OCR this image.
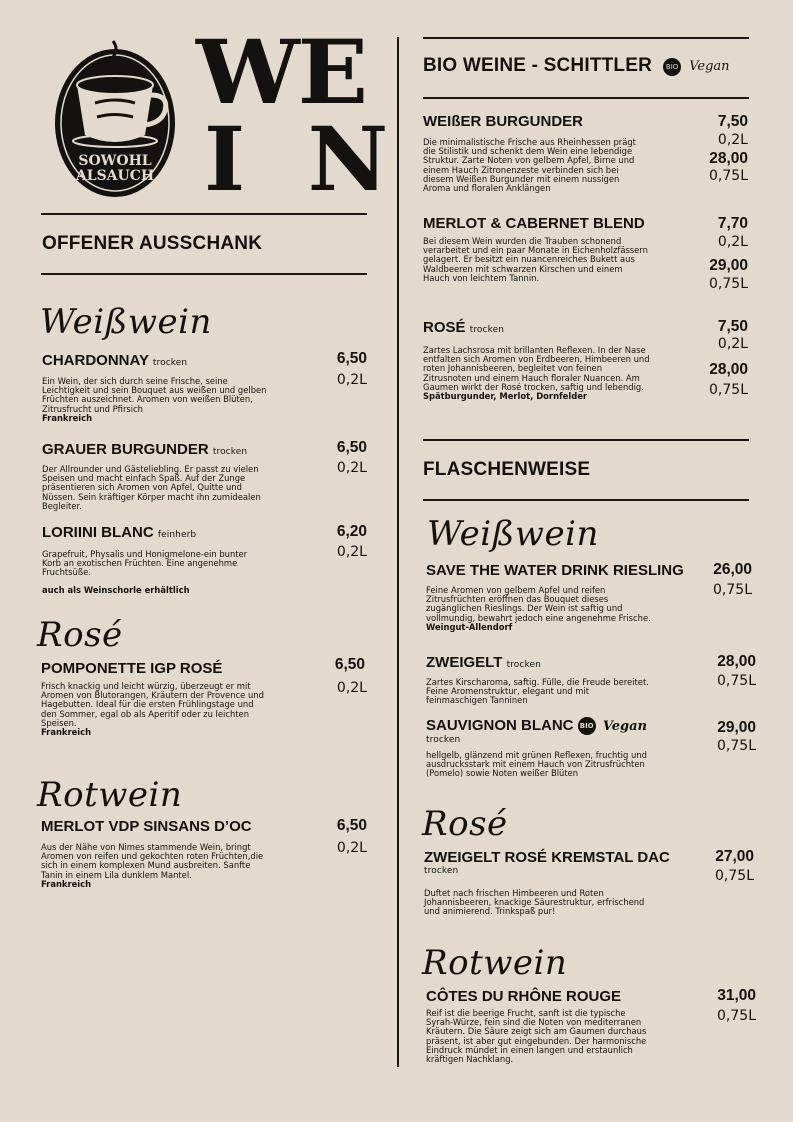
SOWOHL
ALSAUCH
WE
I N
OFFENER AUSSCHANK
Weißwein
CHARDONNAY trocken
Ein Wein, der sich durch seine Frische, seine
Leichtigkeit und sein Bouquet aus weißen und gelben
Früchten auszeichnet. Aromen von weißen Blüten,
Zitrusfrucht und Pfirsich
Frankreich
6,50
0,2L
GRAUER BURGUNDER trocken
Der Allrounder und Gästeliebling. Er passt zu vielen
Speisen und macht einfach Spaß. Auf der Zunge
präsentieren sich Aromen von Apfel, Quitte und
Nüssen. Sein kräftiger Körper macht ihn zumidealen
Begleiter.
6,50
0,2L
LORIINI BLANC feinherb
Grapefruit, Physalis und Honigmelone-ein bunter
Korb an exotischen Früchten. Eine angenehme
Fruchtsüße.
auch als Weinschorle erhältlich
6,20
0,2L
Rosé
POMPONETTE IGP ROSÉ
Frisch knackig und leicht würzig, überzeugt er mit
Aromen von Blutorangen, Kräutern der Provence und
Hagebutten. Ideal für die ersten Frühlingstage und
den Sommer, egal ob als Aperitif oder zu leichten
Speisen.
Frankreich
6,50
0,2L
Rotwein
MERLOT VDP SINSANS D’OC
Aus der Nähe von Nimes stammende Wein, bringt
Aromen von reifen und gekochten roten Früchten,die
sich in einem komplexen Mund ausbreiten. Sanfte
Tanin in einem Lila dunklem Mantel.
Frankreich
6,50
0,2L
BIO WEINE - SCHITTLER BIO Vegan
WEIßER BURGUNDER
Die minimalistische Frische aus Rheinhessen prägt
die Stilistik und schenkt dem Wein eine lebendige
Struktur. Zarte Noten von gelbem Apfel, Birne und
einem Hauch Zitronenzeste verbinden sich bei
diesem Weißen Burgunder mit einem nussigen
Aroma und floralen Anklängen
7,50
0,2L
28,00
0,75L
MERLOT & CABERNET BLEND
Bei diesem Wein wurden die Trauben schonend
verarbeitet und ein paar Monate in Eichenholzfässern
gelagert. Er besitzt ein nuancenreiches Bukett aus
Waldbeeren mit schwarzen Kirschen und einem
Hauch von leichtem Tannin.
7,70
0,2L
29,00
0,75L
ROSÉ trocken
Zartes Lachsrosa mit brillanten Reflexen. In der Nase
entfalten sich Aromen von Erdbeeren, Himbeeren und
roten Johannisbeeren, begleitet von feinen
Zitrusnoten und einem Hauch floraler Nuancen. Am
Gaumen wirkt der Rosé trocken, saftig und lebendig.
Spätburgunder, Merlot, Dornfelder
7,50
0,2L
28,00
0,75L
FLASCHENWEISE
Weißwein
SAVE THE WATER DRINK RIESLING
Feine Aromen von gelbem Apfel und reifen
Zitrusfrüchten eröffnen das Bouquet dieses
zugänglichen Rieslings. Der Wein ist saftig und
vollmundig, bewahrt jedoch eine angenehme Frische.
Weingut-Allendorf
26,00
0,75L
ZWEIGELT trocken
Zartes Kirscharoma, saftig. Fülle, die Freude bereitet.
Feine Aromenstruktur, elegant und mit
feinmaschigen Tanninen
28,00
0,75L
SAUVIGNON BLANC BIO Vegan
trocken
hellgelb, glänzend mit grünen Reflexen, fruchtig und
ausdrucksstark mit einem Hauch von Zitrusfrüchten
(Pomelo) sowie Noten weißer Blüten
29,00
0,75L
Rosé
ZWEIGELT ROSÉ KREMSTAL DAC
trocken
Duftet nach frischen Himbeeren und Roten
Johannisbeeren, knackige Säurestruktur, erfrischend
und animierend. Trinkspaß pur!
27,00
0,75L
Rotwein
CÔTES DU RHÔNE ROUGE
Reif ist die beerige Frucht, sanft ist die typische
Syrah-Würze, fein sind die Noten von mediterranen
Kräutern. Die Säure zeigt sich am Gaumen durchaus
präsent, ist aber gut eingebunden. Der harmonische
Eindruck mündet in einen langen und erstaunlich
kräftigen Nachklang.
31,00
0,75L
